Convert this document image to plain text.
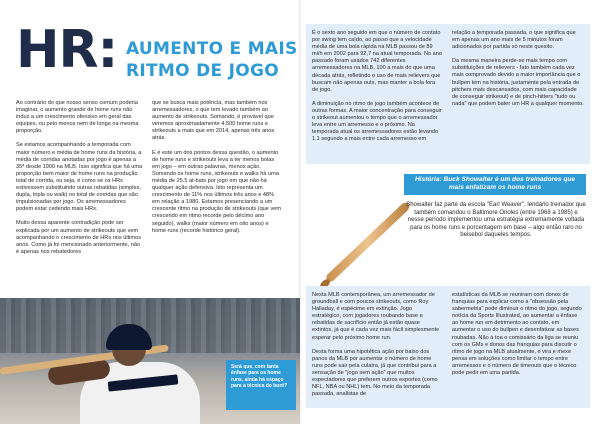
HR: AUMENTO E MAIS
RITMO DE JOGO

Ao contrário do que nosso senso comum poderia imaginar, o aumento grande de home runs não induz a um crescimento ofensivo em geral das equipes, ou pelo menos nem de longe na mesma proporção.

Se estamos acompanhando a temporada com maior número e média de home runs da história, a média de corridas anotadas por jogo é apenas a 35ª desde 1900 na MLB. Isso significa que há uma proporção bem maior de home runs na produção total de corrida, ou seja, é como se os HRs estivessem substituindo outras rebatidas (simples, dupla, tripla ou walk) no total de corridas que são impulsionadas por jogo. Os arremessadores podem estar cedendo mais HRs.

Muito dessa aparente contradição pode ser explicada por um aumento de strikeouts que vem acompanhando o crescimento de HRs nos últimos anos. Como já foi mencionado anteriormente, não é apenas nos rebatedores

que se busca mais potência, mas também nos arremessadores, o que tem levado também ao aumento de strikeouts. Somando, é provável que veremos aproximadamente 4.500 home runs e strikeouts a mais que em 2014, apenas três anos atrás.

E é este um dos pontos dessa questão, o aumento de home runs e strikeouts leva a ter menos bolas em jogo – em outras palavras, menos ação. Somando os home runs, strikeouts e walks há uma média de 25.5 at-bats por jogo em que não há qualquer ação defensiva. Isto representa um crescimento de 11% nos últimos três anos e 48% em relação a 1980. Estamos presenciando a um crescente ritmo na produção de strikeouts (que vem crescendo em ritmo recorde pelo décimo ano seguido), walks (maior número em oito anos) e home runs (recorde histórico geral).

Será que, com tanta ênfase para os home runs, ainda há espaço para a técnica do bunt?

É o sexto ano seguido em que o número de contato por swing tem caído, ao passo que a velocidade média de uma bola rápida na MLB passou de 89 mi/h em 2002 para 92,7 na atual temporada. No ano passado foram usados 742 diferentes arremessadores na MLB, 100 a mais do que uma década atrás, refletindo o uso de mais relievers que buscam não apenas outs, mas manter a bola fora de jogo.

A diminuição no ritmo de jogo também acontece de outras formas. A maior concentração para conseguir o strikeout aumentou o tempo que o arremessador leva entre um arremesso e o próximo. Na temporada atual os arremessadores estão levando 1.1 segundo a mais entre cada arremesso em

relação a temporada passada, o que significa que em apenas um ano mais de 5 minutos foram adicionados por partida só neste quesito.

Da mesma maneira perde-se mais tempo com substituições de relievers - fato também cada vez mais comprovado devido a maior importância que o bullpen tem na história, justamente pela entrada de pitchers mais descansados, com mais capacidade de conseguir strikeout) e de pinch-hitters "tudo ou nada" que podem bater um HR a qualquer momento.

História: Buck Showalter é um dos treinadores que mais enfatizam os home runs
Showalter faz parte da escola "Earl Weaver", lendário treinador que também comandou o Baltimore Orioles (entre 1968 a 1985) e nesse período implementou uma estratégia extremamente voltada para os home runs e porcentagem em base – algo então raro no beisebol daqueles tempos.

Nesta MLB contemporânea, um arremessador de groundball e com poucos strikeouts, como Roy Halladay, é espécime em extinção. Jogo estratégico, com jogadores roubando base e rebatidas de sacrifício então já estão quase extintos, já que é cada vez mais fácil simplesmente esperar pelo próximo home run.

Desta forma uma hipotética ação por baixo dos panos da MLB por aumentar o número de home runs pode sair pela culatra, já que contribui para a sensação de "jogo sem ação" que muitos espectadores que preferem outros esportes (como NFL, NBA ou NHL) tem. No meio da temporada passada, analistas de

estatísticas da MLB se reuniram com donos de franquias para explicar como a "obsessão pela sabermetria" pode diminuir o ritmo do jogo, segundo notícia da Sports Illustrated, ao aumentar a ênfase ao home run em detrimento ao contato, em aumentar o uso do bullpen e desenfatizar as bases roubadas. Não à toa o comissário da liga se reuniu com os GMs e donos das franquias para discutir o ritmo de jogo na MLB atualmente, e vira e mexe pensa em soluções como limitar o tempo entre arremessos e o número de timeouts que o técnico pode pedir em uma partida.
